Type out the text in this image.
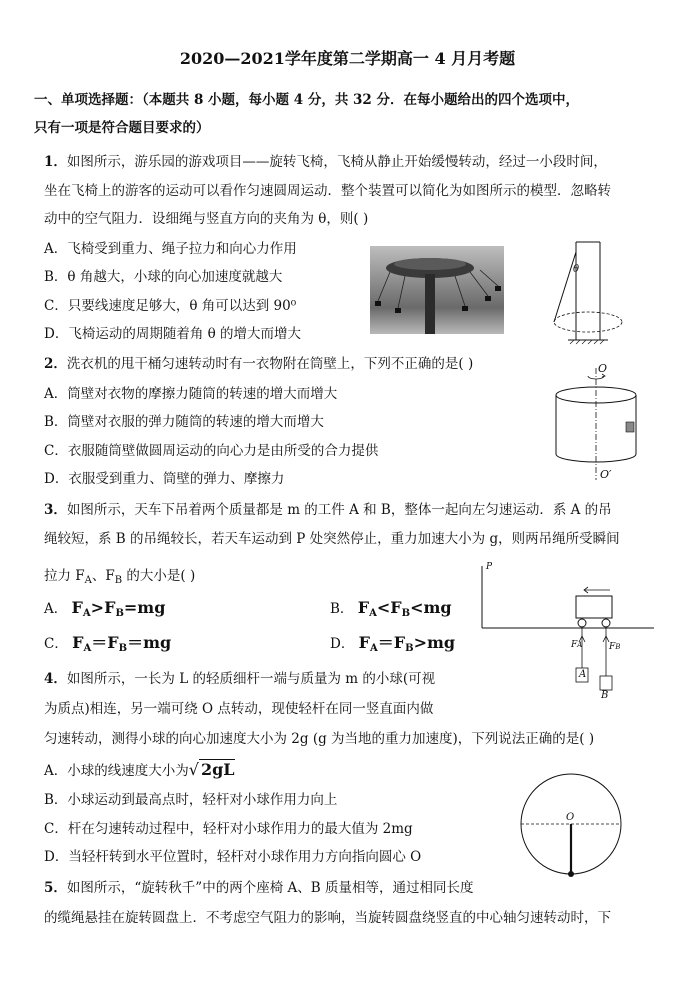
2020—2021学年度第二学期高一 4 月月考题
一、单项选择题：（本题共 8 小题，每小题 4 分，共 32 分．在每小题给出的四个选项中，
只有一项是符合题目要求的）
1．如图所示，游乐园的游戏项目——旋转飞椅，飞椅从静止开始缓慢转动，经过一小段时间，
坐在飞椅上的游客的运动可以看作匀速圆周运动．整个装置可以简化为如图所示的模型．忽略转
动中的空气阻力．设细绳与竖直方向的夹角为 θ，则( )
A．飞椅受到重力、绳子拉力和向心力作用
B．θ 角越大，小球的向心加速度就越大
C．只要线速度足够大，θ 角可以达到 90⁰
D．飞椅运动的周期随着角 θ 的增大而增大
θ
2．洗衣机的甩干桶匀速转动时有一衣物附在筒壁上，下列不正确的是( )
A．筒壁对衣物的摩擦力随筒的转速的增大而增大
B．筒壁对衣服的弹力随筒的转速的增大而增大
C．衣服随筒壁做圆周运动的向心力是由所受的合力提供
D．衣服受到重力、筒壁的弹力、摩擦力
O
O′
3．如图所示，天车下吊着两个质量都是 m 的工件 A 和 B，整体一起向左匀速运动．系 A 的吊
绳较短，系 B 的吊绳较长，若天车运动到 P 处突然停止，重力加速大小为 g，则两吊绳所受瞬间
拉力 $F_A$、$F_B$ 的大小是( )
A． $F_A>F_B=mg$	B． $F_A<F_B<mg$
C． $F_A=F_B=mg$	D． $F_A=F_B>mg$
P
FA	FB
A
B
4．如图所示，一长为 L 的轻质细杆一端与质量为 m 的小球(可视
为质点)相连，另一端可绕 O 点转动，现使轻杆在同一竖直面内做
匀速转动，测得小球的向心加速度大小为 2g (g 为当地的重力加速度)，下列说法正确的是( )
A．小球的线速度大小为√ 2gL
B．小球运动到最高点时，轻杆对小球作用力向上
C．杆在匀速转动过程中，轻杆对小球作用力的最大值为 2mg
D．当轻杆转到水平位置时，轻杆对小球作用力方向指向圆心 O
O
5．如图所示，“旋转秋千”中的两个座椅 A、B 质量相等，通过相同长度
的缆绳悬挂在旋转圆盘上．不考虑空气阻力的影响，当旋转圆盘绕竖直的中心轴匀速转动时，下
